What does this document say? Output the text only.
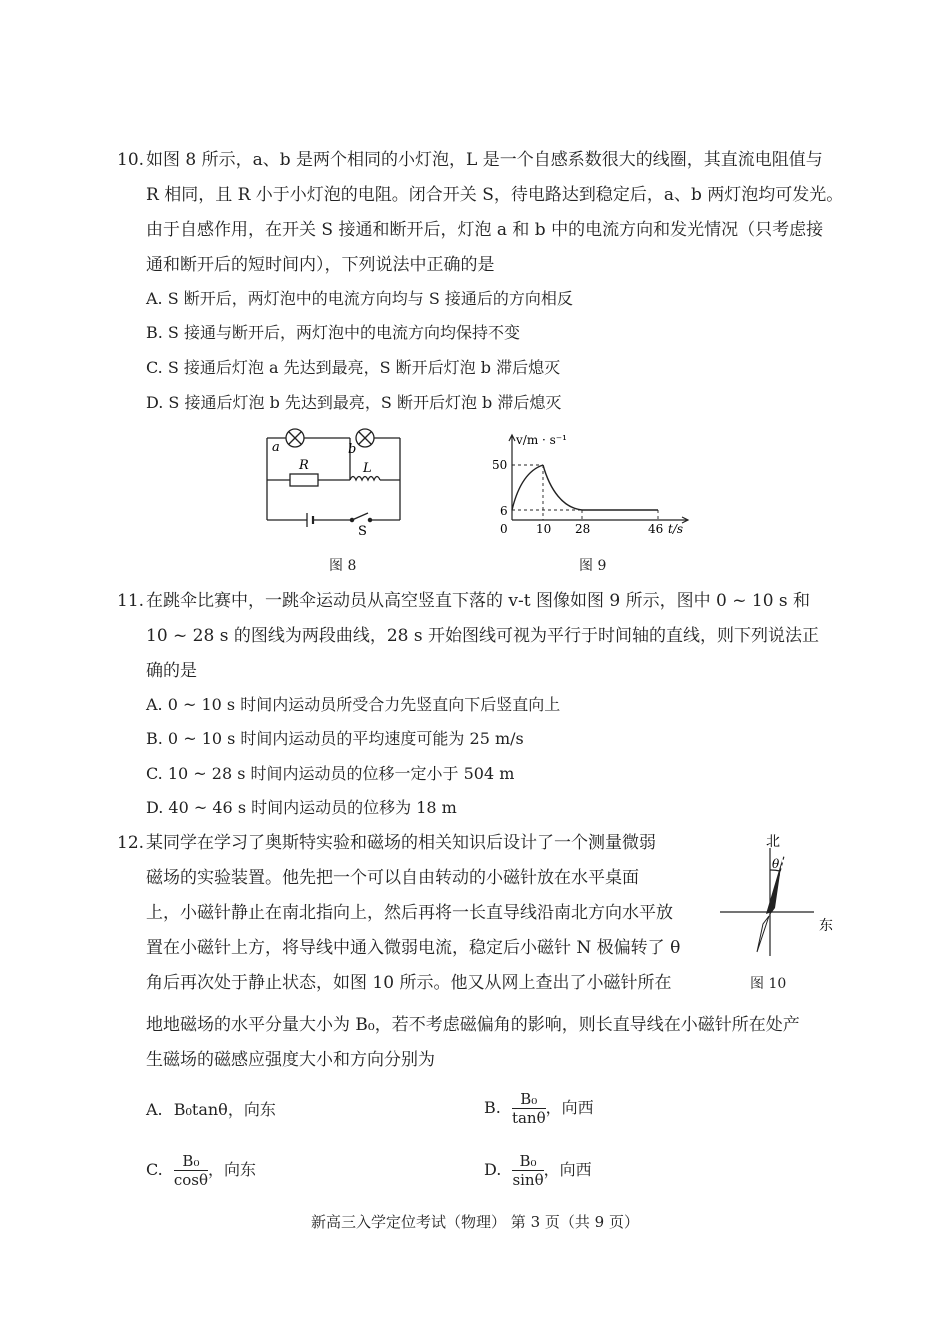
10. 如图 8 所示，a、b 是两个相同的小灯泡，L 是一个自感系数很大的线圈，其直流电阻值与
R 相同，且 R 小于小灯泡的电阻。闭合开关 S，待电路达到稳定后，a、b 两灯泡均可发光。
由于自感作用，在开关 S 接通和断开后，灯泡 a 和 b 中的电流方向和发光情况（只考虑接
通和断开后的短时间内），下列说法中正确的是
A. S 断开后，两灯泡中的电流方向均与 S 接通后的方向相反
B. S 接通与断开后，两灯泡中的电流方向均保持不变
C. S 接通后灯泡 a 先达到最亮，S 断开后灯泡 b 滞后熄灭
D. S 接通后灯泡 b 先达到最亮，S 断开后灯泡 b 滞后熄灭
a	b
R	L
S
图 8
v/m · s⁻¹
50
6
0 10 28	46 t/s
图 9
11. 在跳伞比赛中，一跳伞运动员从高空竖直下落的 v-t 图像如图 9 所示，图中 0 ~ 10 s 和
10 ~ 28 s 的图线为两段曲线，28 s 开始图线可视为平行于时间轴的直线，则下列说法正
确的是
A. 0 ~ 10 s 时间内运动员所受合力先竖直向下后竖直向上
B. 0 ~ 10 s 时间内运动员的平均速度可能为 25 m/s
C. 10 ~ 28 s 时间内运动员的位移一定小于 504 m
D. 40 ~ 46 s 时间内运动员的位移为 18 m
12. 某同学在学习了奥斯特实验和磁场的相关知识后设计了一个测量微弱
磁场的实验装置。他先把一个可以自由转动的小磁针放在水平桌面
上，小磁针静止在南北指向上，然后再将一长直导线沿南北方向水平放
置在小磁针上方，将导线中通入微弱电流，稳定后小磁针 N 极偏转了 θ
角后再次处于静止状态，如图 10 所示。他又从网上查出了小磁针所在
地地磁场的水平分量大小为 B₀，若不考虑磁偏角的影响，则长直导线在小磁针所在处产
生磁场的磁感应强度大小和方向分别为
北
东
θ
图 10
A. B₀tanθ，向东	B. $\frac{\text{B₀}}{\tan\theta}$ ，向西
C. $\frac{\text{B₀}}{\cos\theta}$ ，向东	D. $\frac{\text{B₀}}{\sin\theta}$ ，向西
新高三入学定位考试（物理） 第 3 页（共 9 页）
